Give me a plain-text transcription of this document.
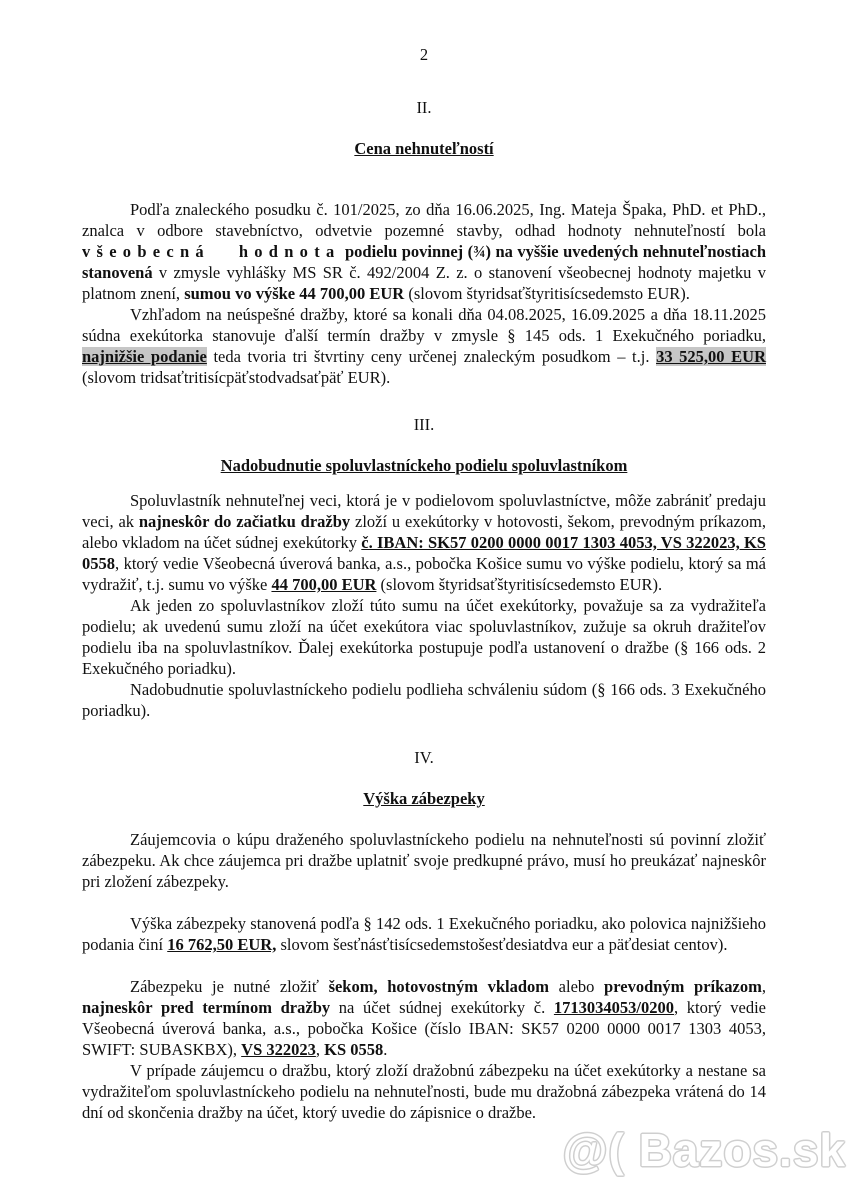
2
II.
Cena nehnuteľností

Podľa znaleckého posudku č. 101/2025, zo dňa 16.06.2025, Ing. Mateja Špaka, PhD. et PhD., znalca v odbore stavebníctvo, odvetvie pozemné stavby, odhad hodnoty nehnuteľností bola všeobecná hodnota podielu povinnej (¾) na vyššie uvedených nehnuteľnostiach stanovená v zmysle vyhlášky MS SR č. 492/2004 Z. z. o stanovení všeobecnej hodnoty majetku v platnom znení, sumou vo výške 44 700,00 EUR (slovom štyridsaťštyritisícsedemsto EUR).

Vzhľadom na neúspešné dražby, ktoré sa konali dňa 04.08.2025, 16.09.2025 a dňa 18.11.2025 súdna exekútorka stanovuje ďalší termín dražby v zmysle § 145 ods. 1 Exekučného poriadku, najnižšie podanie teda tvoria tri štvrtiny ceny určenej znaleckým posudkom – t.j. 33 525,00 EUR (slovom tridsaťtritisícpäťstodvadsaťpäť EUR).

III.
Nadobudnutie spoluvlastníckeho podielu spoluvlastníkom

Spoluvlastník nehnuteľnej veci, ktorá je v podielovom spoluvlastníctve, môže zabrániť predaju veci, ak najneskôr do začiatku dražby zloží u exekútorky v hotovosti, šekom, prevodným príkazom, alebo vkladom na účet súdnej exekútorky č. IBAN: SK57 0200 0000 0017 1303 4053, VS 322023, KS 0558, ktorý vedie Všeobecná úverová banka, a.s., pobočka Košice sumu vo výške podielu, ktorý sa má vydražiť, t.j. sumu vo výške 44 700,00 EUR (slovom štyridsaťštyritisícsedemsto EUR).

Ak jeden zo spoluvlastníkov zloží túto sumu na účet exekútorky, považuje sa za vydražiteľa podielu; ak uvedenú sumu zloží na účet exekútora viac spoluvlastníkov, zužuje sa okruh dražiteľov podielu iba na spoluvlastníkov. Ďalej exekútorka postupuje podľa ustanovení o dražbe (§ 166 ods. 2 Exekučného poriadku).

Nadobudnutie spoluvlastníckeho podielu podlieha schváleniu súdom (§ 166 ods. 3 Exekučného poriadku).

IV.
Výška zábezpeky

Záujemcovia o kúpu draženého spoluvlastníckeho podielu na nehnuteľnosti sú povinní zložiť zábezpeku. Ak chce záujemca pri dražbe uplatniť svoje predkupné právo, musí ho preukázať najneskôr pri zložení zábezpeky.

Výška zábezpeky stanovená podľa § 142 ods. 1 Exekučného poriadku, ako polovica najnižšieho podania činí 16 762,50 EUR, slovom šesťnásťtisícsedemstošesťdesiatdva eur a päťdesiat centov).

Zábezpeku je nutné zložiť šekom, hotovostným vkladom alebo prevodným príkazom, najneskôr pred termínom dražby na účet súdnej exekútorky č. 1713034053/0200, ktorý vedie Všeobecná úverová banka, a.s., pobočka Košice (číslo IBAN: SK57 0200 0000 0017 1303 4053, SWIFT: SUBASKBX), VS 322023, KS 0558.

V prípade záujemcu o dražbu, ktorý zloží dražobnú zábezpeku na účet exekútorky a nestane sa vydražiteľom spoluvlastníckeho podielu na nehnuteľnosti, bude mu dražobná zábezpeka vrátená do 14 dní od skončenia dražby na účet, ktorý uvedie do zápisnice o dražbe.

@( Bazos.sk
